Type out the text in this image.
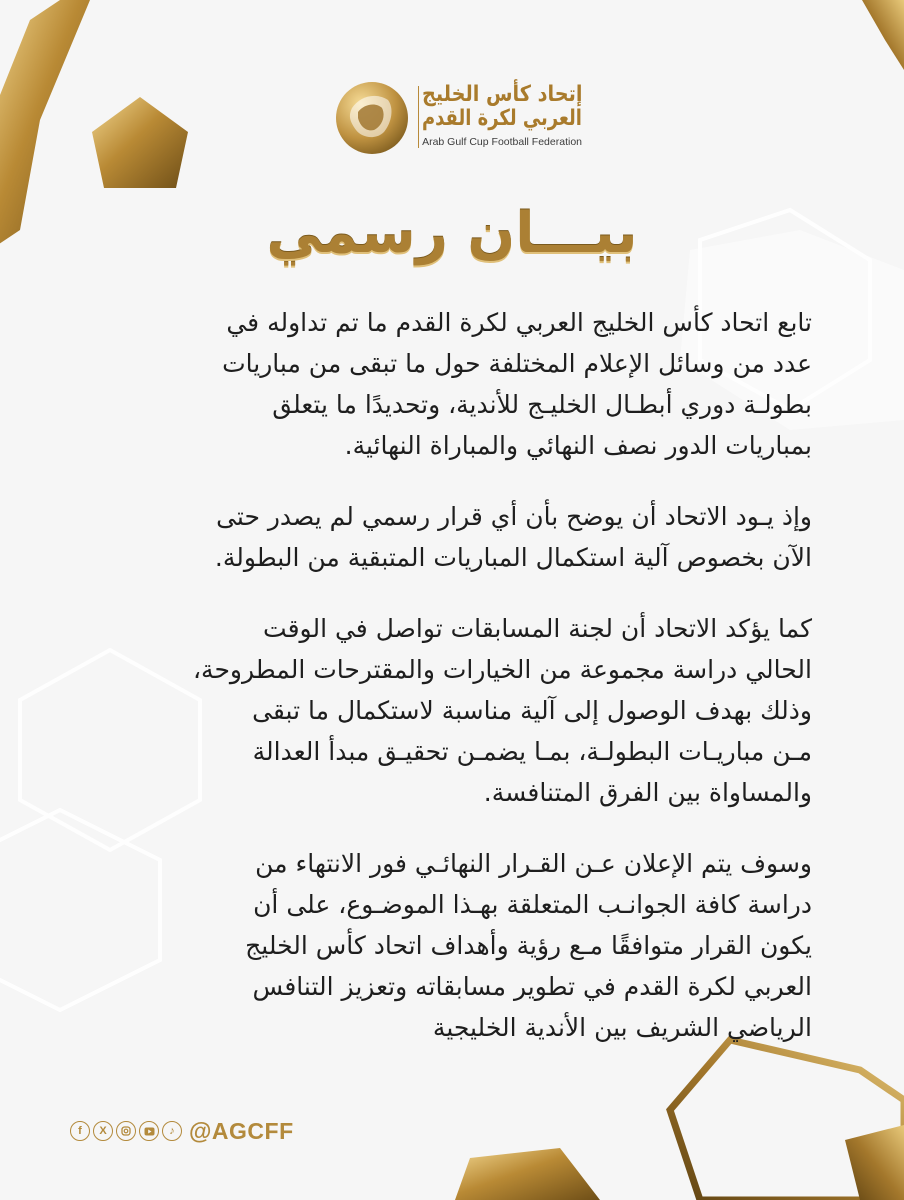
إتحاد كأس الخليج
العربي لكرة القدم
Arab Gulf Cup Football Federation
بيـــان رسمي

تابع اتحاد كأس الخليج العربي لكرة القدم ما تم تداوله في
عدد من وسائل الإعلام المختلفة حول ما تبقى من مباريات
بطولـة دوري أبطـال الخليـج للأندية، وتحديدًا ما يتعلق
بمباريات الدور نصف النهائي والمباراة النهائية.

وإذ يـود الاتحاد أن يوضح بأن أي قرار رسمي لم يصدر حتى
الآن بخصوص آلية استكمال المباريات المتبقية من البطولة.

كما يؤكد الاتحاد أن لجنة المسابقات تواصل في الوقت
الحالي دراسة مجموعة من الخيارات والمقترحات المطروحة،
وذلك بهدف الوصول إلى آلية مناسبة لاستكمال ما تبقى
مـن مباريـات البطولـة، بمـا يضمـن تحقيـق مبدأ العدالة
والمساواة بين الفرق المتنافسة.

وسوف يتم الإعلان عـن القـرار النهائـي فور الانتهاء من
دراسة كافة الجوانـب المتعلقة بهـذا الموضـوع، على أن
يكون القرار متوافقًا مـع رؤية وأهداف اتحاد كأس الخليج
العربي لكرة القدم في تطوير مسابقاته وتعزيز التنافس
الرياضي الشريف بين الأندية الخليجية

f	X	♪ @AGCFF
